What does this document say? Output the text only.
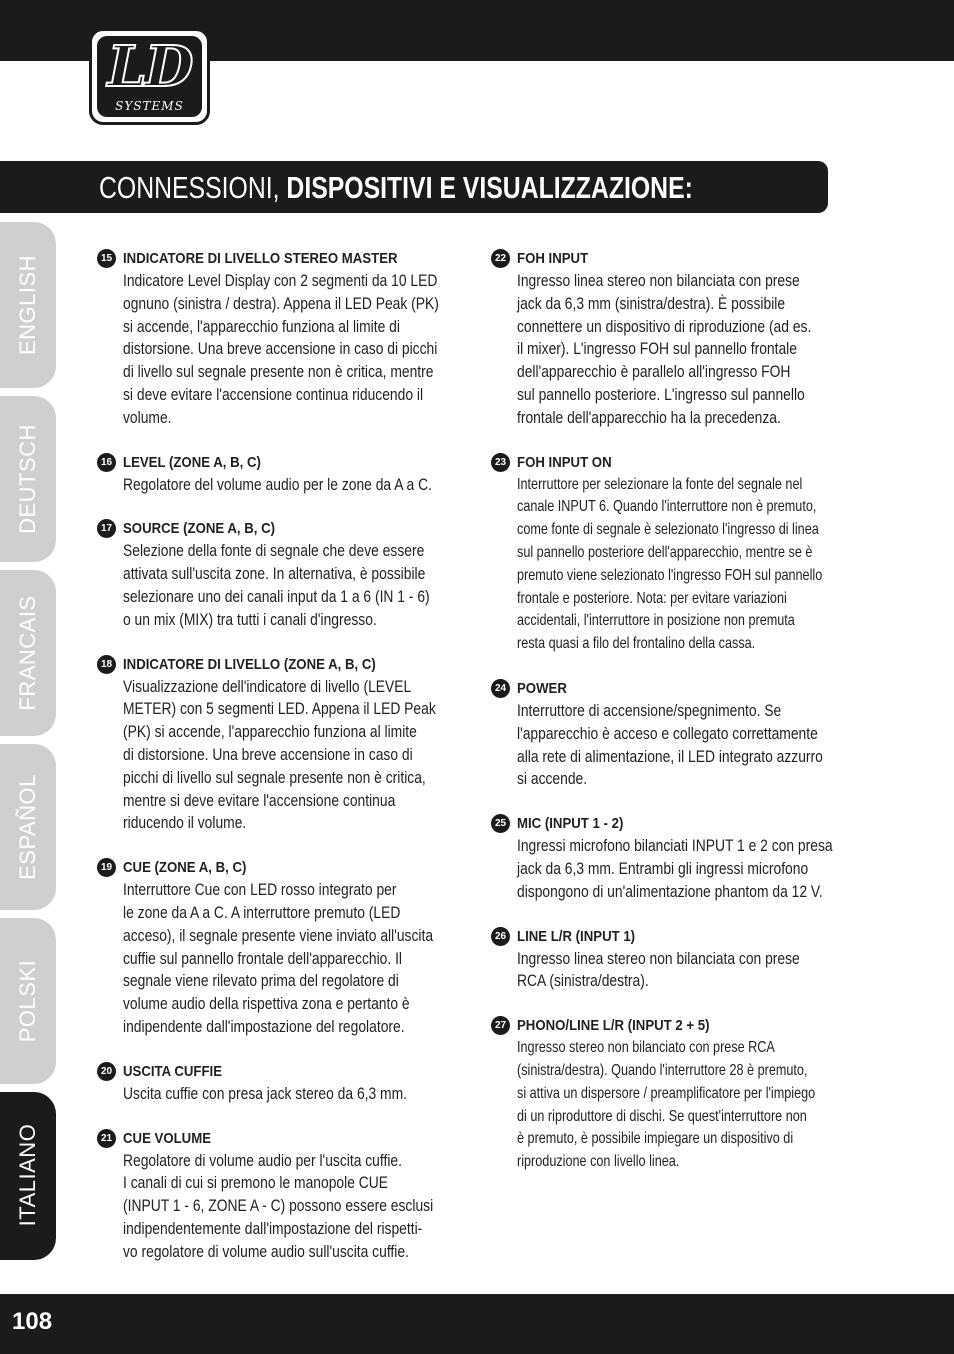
LD
SYSTEMS
CONNESSIONI, DISPOSITIVI E VISUALIZZAZIONE:
ENGLISH
DEUTSCH
FRANCAIS
ESPAÑOL
POLSKI
ITALIANO
15 INDICATORE DI LIVELLO STEREO MASTER
Indicatore Level Display con 2 segmenti da 10 LED
ognuno (sinistra / destra). Appena il LED Peak (PK)
si accende, l'apparecchio funziona al limite di
distorsione. Una breve accensione in caso di picchi
di livello sul segnale presente non è critica, mentre
si deve evitare l'accensione continua riducendo il
volume.
16 LEVEL (ZONE A, B, C)
Regolatore del volume audio per le zone da A a C.
17 SOURCE (ZONE A, B, C)
Selezione della fonte di segnale che deve essere
attivata sull'uscita zone. In alternativa, è possibile
selezionare uno dei canali input da 1 a 6 (IN 1 - 6)
o un mix (MIX) tra tutti i canali d'ingresso.
18 INDICATORE DI LIVELLO (ZONE A, B, C)
Visualizzazione dell'indicatore di livello (LEVEL
METER) con 5 segmenti LED. Appena il LED Peak
(PK) si accende, l'apparecchio funziona al limite
di distorsione. Una breve accensione in caso di
picchi di livello sul segnale presente non è critica,
mentre si deve evitare l'accensione continua
riducendo il volume.
19 CUE (ZONE A, B, C)
Interruttore Cue con LED rosso integrato per
le zone da A a C. A interruttore premuto (LED
acceso), il segnale presente viene inviato all'uscita
cuffie sul pannello frontale dell'apparecchio. Il
segnale viene rilevato prima del regolatore di
volume audio della rispettiva zona e pertanto è
indipendente dall'impostazione del regolatore.
20 USCITA CUFFIE
Uscita cuffie con presa jack stereo da 6,3 mm.
21 CUE VOLUME
Regolatore di volume audio per l'uscita cuffie.
I canali di cui si premono le manopole CUE
(INPUT 1 - 6, ZONE A - C) possono essere esclusi
indipendentemente dall'impostazione del rispetti-
vo regolatore di volume audio sull'uscita cuffie.
22 FOH INPUT
Ingresso linea stereo non bilanciata con prese
jack da 6,3 mm (sinistra/destra). È possibile
connettere un dispositivo di riproduzione (ad es.
il mixer). L'ingresso FOH sul pannello frontale
dell'apparecchio è parallelo all'ingresso FOH
sul pannello posteriore. L'ingresso sul pannello
frontale dell'apparecchio ha la precedenza.
23 FOH INPUT ON
Interruttore per selezionare la fonte del segnale nel
canale INPUT 6. Quando l'interruttore non è premuto,
come fonte di segnale è selezionato l'ingresso di linea
sul pannello posteriore dell'apparecchio, mentre se è
premuto viene selezionato l'ingresso FOH sul pannello
frontale e posteriore. Nota: per evitare variazioni
accidentali, l'interruttore in posizione non premuta
resta quasi a filo del frontalino della cassa.
24 POWER
Interruttore di accensione/spegnimento. Se
l'apparecchio è acceso e collegato correttamente
alla rete di alimentazione, il LED integrato azzurro
si accende.
25 MIC (INPUT 1 - 2)
Ingressi microfono bilanciati INPUT 1 e 2 con presa
jack da 6,3 mm. Entrambi gli ingressi microfono
dispongono di un'alimentazione phantom da 12 V.
26 LINE L/R (INPUT 1)
Ingresso linea stereo non bilanciata con prese
RCA (sinistra/destra).
27 PHONO/LINE L/R (INPUT 2 + 5)
Ingresso stereo non bilanciato con prese RCA
(sinistra/destra). Quando l'interruttore 28 è premuto,
si attiva un dispersore / preamplificatore per l'impiego
di un riproduttore di dischi. Se quest'interruttore non
è premuto, è possibile impiegare un dispositivo di
riproduzione con livello linea.
108
